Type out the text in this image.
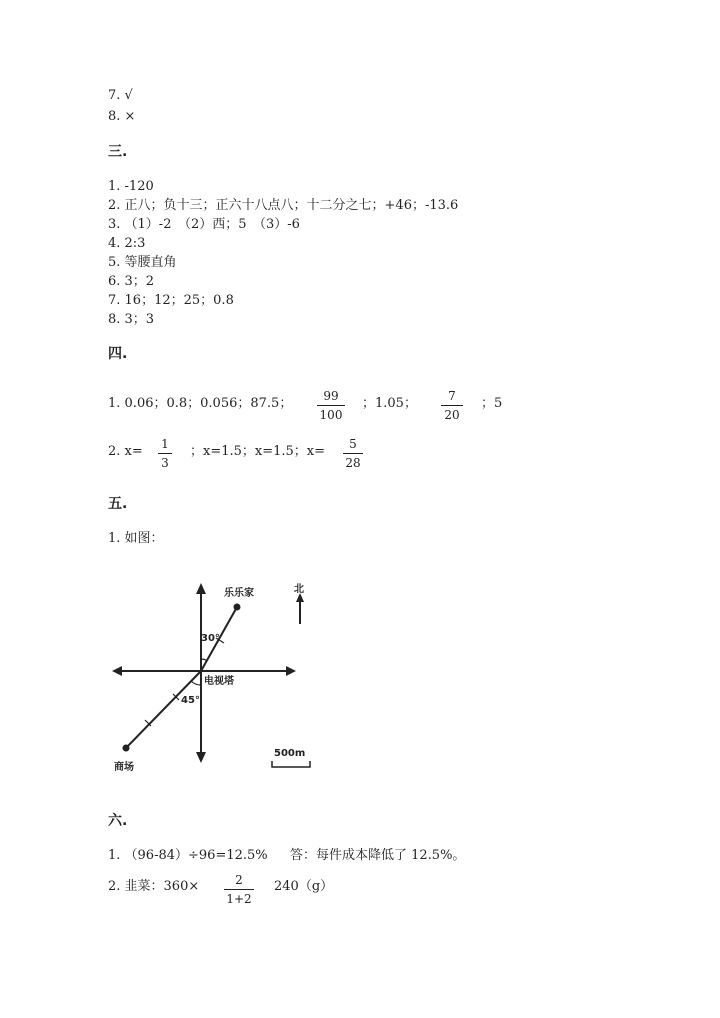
7. √
8. ×
三.
1. -120
2. 正八；负十三；正六十八点八；十二分之七；+46；-13.6
3. （1）-2　（2）西；5　（3）-6
4. 2:3
5. 等腰直角
6. 3；2
7. 16；12；25；0.8
8. 3；3
四.
1. 0.06；0.8；0.056；87.5； $\frac{99}{100}$ ；1.05； $\frac{7}{20}$ ；5
2. $x= \frac{1}{3}$ ；x=1.5；x=1.5；$x= \frac{5}{28}$
五.
1. 如图：
乐乐家	北
30°
电视塔
45°
商场
500m
六.
1. （96-84）÷96=12.5% 答：每件成本降低了 12.5%。
2. 韭菜：$360\times \frac{2}{1+2} 240(g)$
